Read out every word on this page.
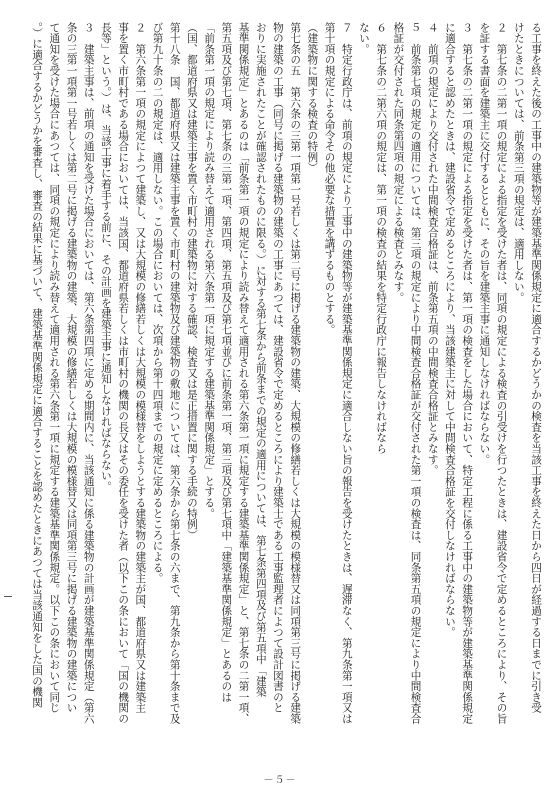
る工事を終えた後の工事中の建築物等が建築基準関係規定に適合するかどうかの検査を当該工事を終えた日から四日が経過する日までに引き受
けたときについては、前条第三項の規定は、適用しない。
２　第七条の二第一項の規定による指定を受けた者は、同項の規定による検査の引受けを行つたときは、建設省令で定めるところにより、その旨
を証する書面を建築主に交付するとともに、その旨を建築主事に通知しなければならない。
３　第七条の二第一項の規定による指定を受けた者は、第一項の検査をした場合において、特定工程に係る工事中の建築物等が建築基準関係規定
に適合すると認めたときは、建設省令で定めるところにより、当該建築主に対して中間検査合格証を交付しなければならない。
４　前項の規定により交付された中間検査合格証は、前条第五項の中間検査合格証とみなす。
５　前条第七項の規定の適用については、第三項の規定により中間検査合格証が交付された第一項の検査は、同条第五項の規定により中間検査合
格証が交付された同条第四項の規定による検査とみなす。
６　第七条の二第六項の規定は、第一項の検査の結果を特定行政庁に報告しなければなら
ない。
７　特定行政庁は、前項の規定により工事中の建築物等が建築基準関係規定に適合しない旨の報告を受けたときは、遅滞なく、第九条第一項又は
第十項の規定による命令その他必要な措置を講ずるものとする。
（建築物に関する検査の特例）
第七条の五　第六条の三第一項第一号若しくは第二号に掲げる建築物の建築、大規模の修繕若しくは大規模の模様替又は同項第三号に掲げる建築
物の建築の工事（同号に掲げる建築物の建築の工事にあつては、建設省令で定めるところにより建築士である工事監理者によつて設計図書のと
おりに実施されたことが確認されたものに限る。）に対する第七条から前条までの規定の適用については、第七条第四項及び第五項中「建築
基準関係規定」とあるのは「前条第一項の規定により読み替えて適用される第六条第一項に規定する建築基準関係規定」と、第七条の二第一項、
第五項及び第七項、第七条の三第一項、第四項、第五項及び第七項並びに前条第一項、第三項及び第七項中「建築基準関係規定」とあるのは
「前条第一項の規定により読み替えて適用される第六条第一項に規定する建築基準関係規定」とする。
（国、都道府県又は建築主事を置く市町村の建築物に対する確認、検査又は是正措置に関する手続の特例）
第十八条　国、都道府県又は建築主事を置く市町村の建築物及び建築物の敷地については、第六条から第七条の六まで、第九条から第十条まで及
び第九十条の二の規定は、適用しない。この場合においては、次項から第十四項までの規定に定めるところによる。
２　第六条第一項の規定によつて建築し、又は大規模の修繕若しくは大規模の模様替をしようとする建築物の建築主が国、都道府県又は建築主
事を置く市町村である場合においては、当該国、都道府県若しくは市町村の機関の長又はその委任を受けた者（以下この条において「国の機関の
長等」という。）は、当該工事に着手する前に、その計画を建築主事に通知しなければならない。
３　建築主事は、前項の通知を受けた場合においては、第六条第四項に定める期間内に、当該通知に係る建築物の計画が建築基準関係規定（第六
条の三第一項第一号若しくは第二号に掲げる建築物の建築、大規模の修繕若しくは大規模の模様替又は同項第三号に掲げる建築物の建築につい
て通知を受けた場合にあつては、同項の規定により読み替えて適用される第六条第一項に規定する建築基準関係規定。以下この条において同じ
。）に適合するかどうかを審査し、審査の結果に基づいて、建築基準関係規定に適合することを認めたときにあつては当該通知をした国の機関
－５－
